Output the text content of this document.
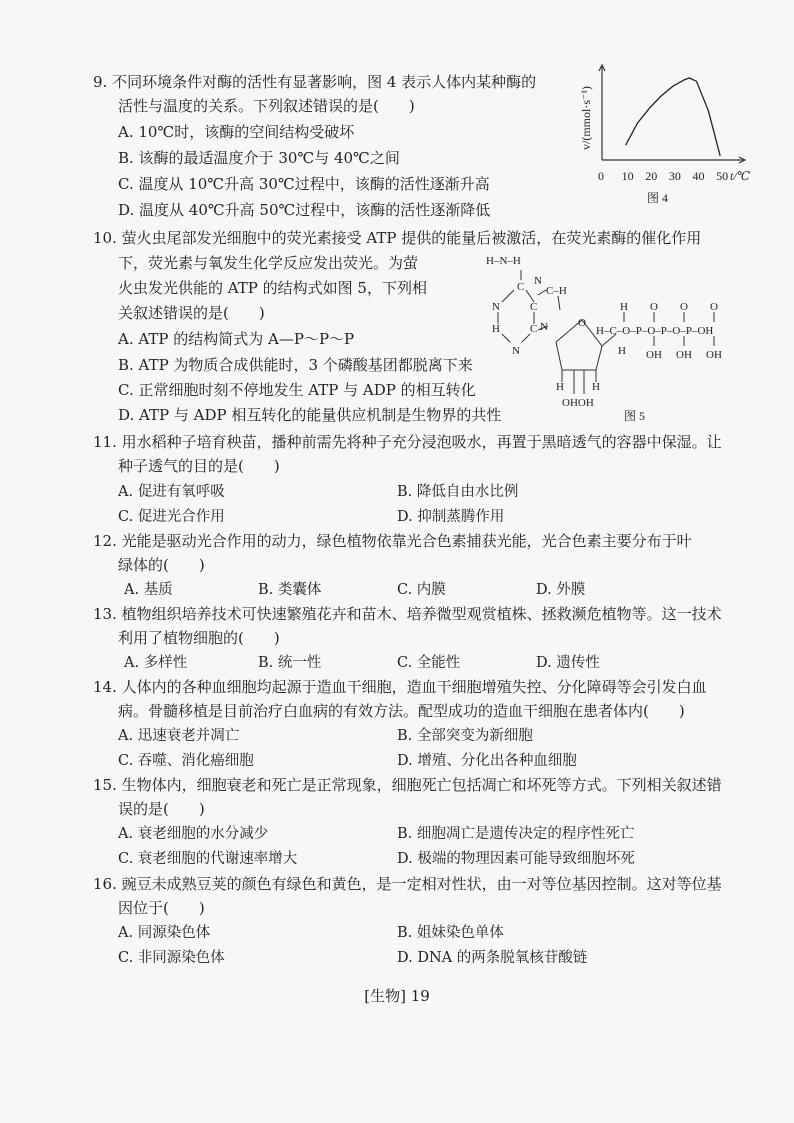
9. 不同环境条件对酶的活性有显著影响，图 4 表示人体内某种酶的
活性与温度的关系。下列叙述错误的是(　　)
A. 10℃时，该酶的空间结构受破坏
B. 该酶的最适温度介于 30℃与 40℃之间
C. 温度从 10℃升高 30℃过程中，该酶的活性逐渐升高
D. 温度从 40℃升高 50℃过程中，该酶的活性逐渐降低
v/(mmol·s⁻¹)
0 10 20 30 40 50 t/℃
图 4
10. 萤火虫尾部发光细胞中的荧光素接受 ATP 提供的能量后被激活，在荧光素酶的催化作用
下，荧光素与氧发生化学反应发出荧光。为萤
火虫发光供能的 ATP 的结构式如图 5，下列相
关叙述错误的是(　　)
A. ATP 的结构简式为 A—P～P～P
B. ATP 为物质合成供能时，3 个磷酸基团都脱离下来
C. 正常细胞时刻不停地发生 ATP 与 ADP 的相互转化
D. ATP 与 ADP 相互转化的能量供应机制是生物界的共性
H–N–H
C N
N	C
C–H
H	C
N
N	O
H	H
OHOH
H O O O
H–C–O–P–O–P–O–P–OH
H OH OH OH
图 5
11. 用水稻种子培育秧苗，播种前需先将种子充分浸泡吸水，再置于黑暗透气的容器中保湿。让
种子透气的目的是(　　)
A. 促进有氧呼吸	B. 降低自由水比例
C. 促进光合作用	D. 抑制蒸腾作用
12. 光能是驱动光合作用的动力，绿色植物依靠光合色素捕获光能，光合色素主要分布于叶
绿体的(　　)
A. 基质	B. 类囊体	C. 内膜	D. 外膜
13. 植物组织培养技术可快速繁殖花卉和苗木、培养微型观赏植株、拯救濒危植物等。这一技术
利用了植物细胞的(　　)
A. 多样性	B. 统一性	C. 全能性	D. 遗传性
14. 人体内的各种血细胞均起源于造血干细胞，造血干细胞增殖失控、分化障碍等会引发白血
病。骨髓移植是目前治疗白血病的有效方法。配型成功的造血干细胞在患者体内(　　)
A. 迅速衰老并凋亡	B. 全部突变为新细胞
C. 吞噬、消化癌细胞	D. 增殖、分化出各种血细胞
15. 生物体内，细胞衰老和死亡是正常现象，细胞死亡包括凋亡和坏死等方式。下列相关叙述错
误的是(　　)
A. 衰老细胞的水分减少	B. 细胞凋亡是遗传决定的程序性死亡
C. 衰老细胞的代谢速率增大	D. 极端的物理因素可能导致细胞坏死
16. 豌豆未成熟豆荚的颜色有绿色和黄色，是一定相对性状，由一对等位基因控制。这对等位基
因位于(　　)
A. 同源染色体	B. 姐妹染色单体
C. 非同源染色体	D. DNA 的两条脱氧核苷酸链
[生物] 19
